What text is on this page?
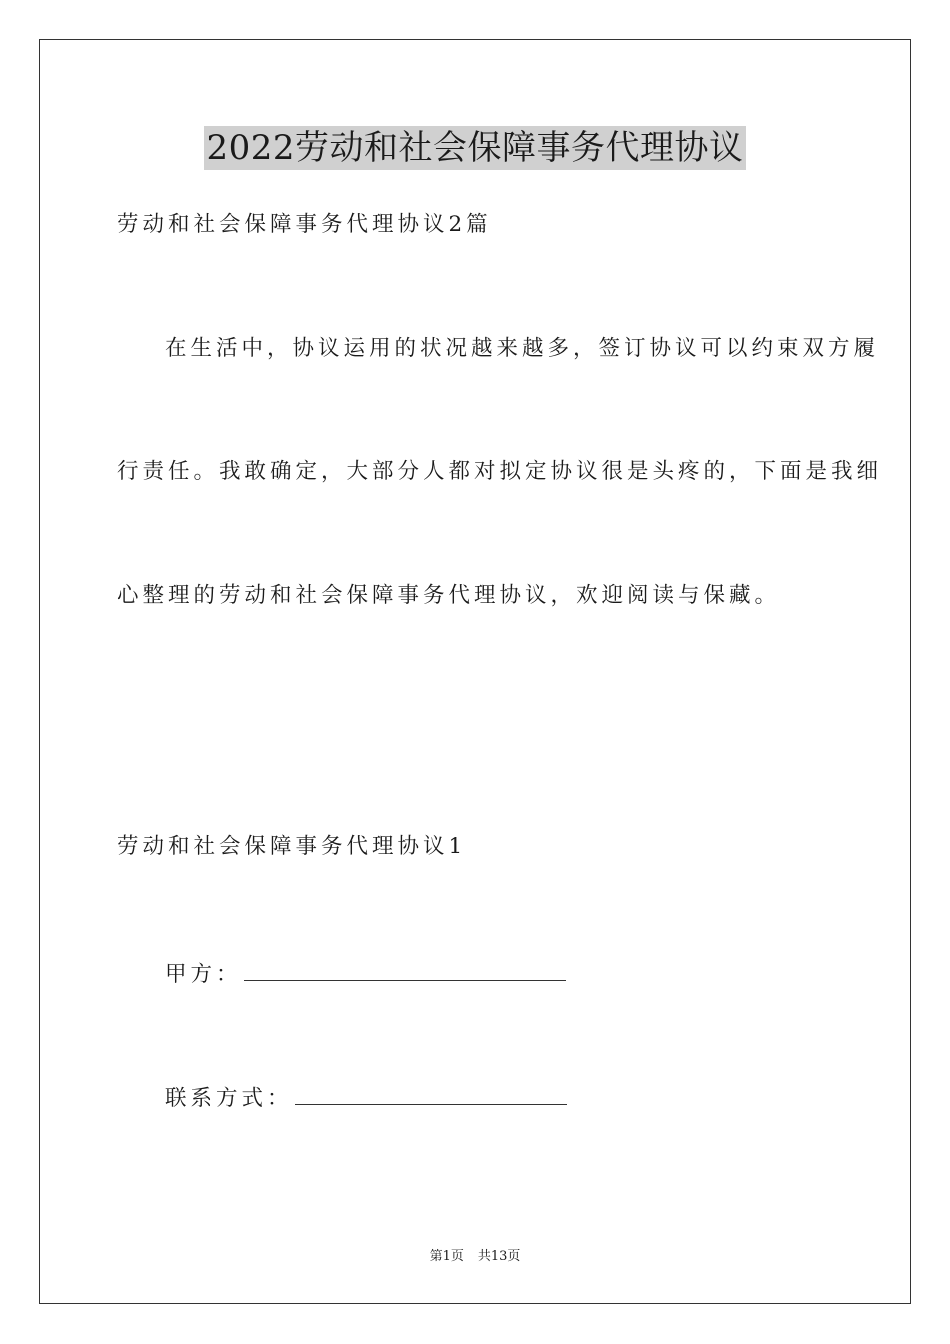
2022劳动和社会保障事务代理协议

劳动和社会保障事务代理协议2篇

在生活中，协议运用的状况越来越多，签订协议可以约束双方履

行责任。我敢确定，大部分人都对拟定协议很是头疼的，下面是我细

心整理的劳动和社会保障事务代理协议，欢迎阅读与保藏。

劳动和社会保障事务代理协议1

甲方：

联系方式：

第1页 共13页
